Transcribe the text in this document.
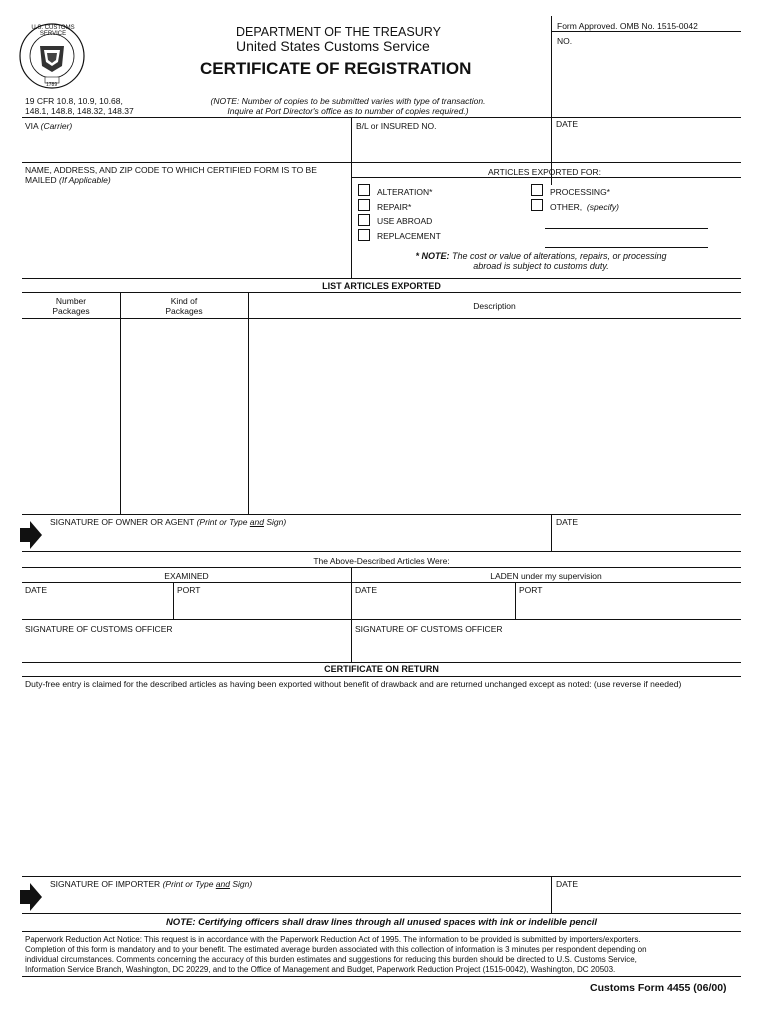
U.S. CUSTOMS SERVICE
1789
DEPARTMENT OF THE TREASURY
United States Customs Service
CERTIFICATE OF REGISTRATION
Form Approved. OMB No. 1515-0042
NO.
19 CFR 10.8, 10.9, 10.68,
148.1, 148.8, 148.32, 148.37
(NOTE: Number of copies to be submitted varies with type of transaction.
Inquire at Port Director's office as to number of copies required.)
VIA (Carrier)	B/L or INSURED NO.	DATE
NAME, ADDRESS, AND ZIP CODE TO WHICH CERTIFIED FORM IS TO BE
MAILED (If Applicable)
ARTICLES EXPORTED FOR:
ALTERATION*
REPAIR*
USE ABROAD
REPLACEMENT
PROCESSING*
OTHER, (specify)
* NOTE: The cost or value of alterations, repairs, or processing
abroad is subject to customs duty.
LIST ARTICLES EXPORTED
Number
Packages
Kind of
Packages	Description
SIGNATURE OF OWNER OR AGENT (Print or Type and Sign)	DATE
The Above-Described Articles Were:
EXAMINED	LADEN under my supervision
DATE	PORT	DATE	PORT
SIGNATURE OF CUSTOMS OFFICER	SIGNATURE OF CUSTOMS OFFICER
CERTIFICATE ON RETURN
Duty-free entry is claimed for the described articles as having been exported without benefit of drawback and are returned unchanged except as noted: (use reverse if needed)
SIGNATURE OF IMPORTER (Print or Type and Sign)	DATE
NOTE: Certifying officers shall draw lines through all unused spaces with ink or indelible pencil
Paperwork Reduction Act Notice: This request is in accordance with the Paperwork Reduction Act of 1995. The information to be provided is submitted by importers/exporters.
Completion of this form is mandatory and to your benefit. The estimated average burden associated with this collection of information is 3 minutes per respondent depending on
individual circumstances. Comments concerning the accuracy of this burden estimates and suggestions for reducing this burden should be directed to U.S. Customs Service,
Information Service Branch, Washington, DC 20229, and to the Office of Management and Budget, Paperwork Reduction Project (1515-0042), Washington, DC 20503.
Customs Form 4455 (06/00)
